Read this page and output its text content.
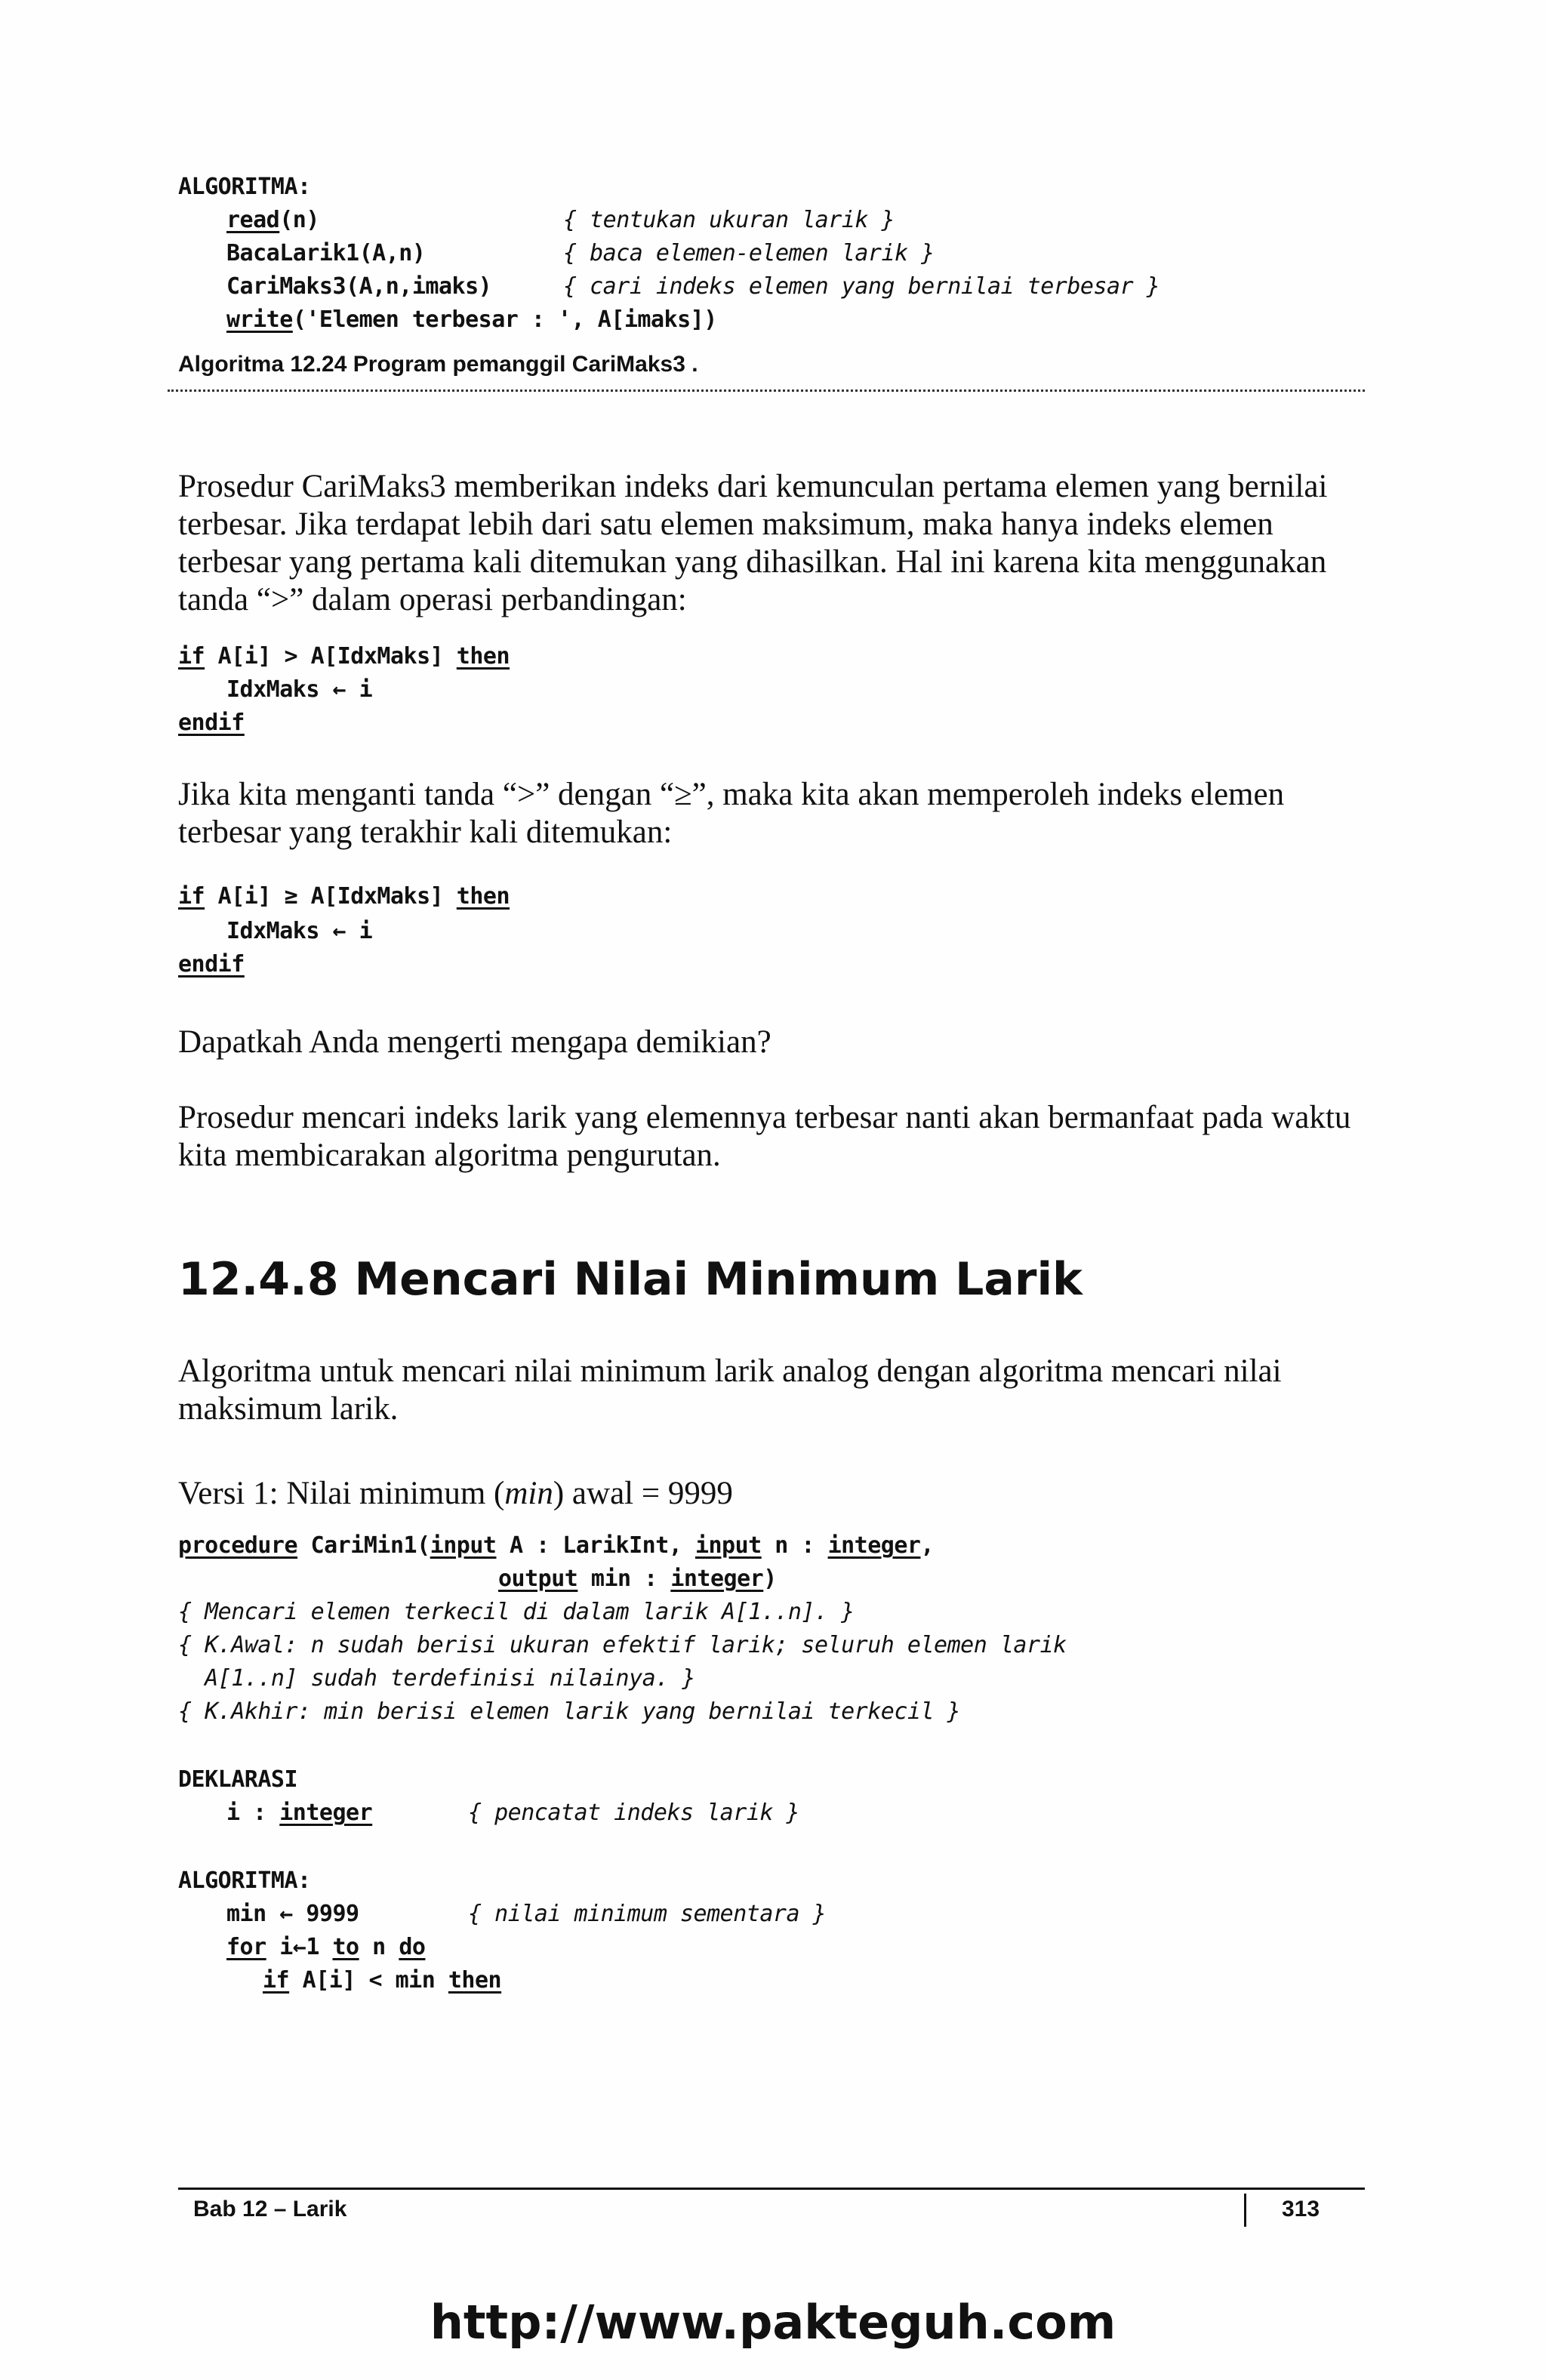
ALGORITMA:
read(n)	{ tentukan ukuran larik }
BacaLarik1(A,n)	{ baca elemen-elemen larik }
CariMaks3(A,n,imaks)	{ cari indeks elemen yang bernilai terbesar }
write('Elemen terbesar : ', A[imaks])
Algoritma 12.24 Program pemanggil CariMaks3 .
Prosedur CariMaks3 memberikan indeks dari kemunculan pertama elemen yang bernilai terbesar. Jika terdapat lebih dari satu elemen maksimum, maka hanya indeks elemen terbesar yang pertama kali ditemukan yang dihasilkan. Hal ini karena kita menggunakan tanda “>” dalam operasi perbandingan:
if A[i] > A[IdxMaks] then
IdxMaks ← i
endif
Jika kita menganti tanda “>” dengan “≥”, maka kita akan memperoleh indeks elemen terbesar yang terakhir kali ditemukan:
if A[i] ≥ A[IdxMaks] then
IdxMaks ← i
endif
Dapatkah Anda mengerti mengapa demikian?
Prosedur mencari indeks larik yang elemennya terbesar nanti akan bermanfaat pada waktu kita membicarakan algoritma pengurutan.
12.4.8 Mencari Nilai Minimum Larik
Algoritma untuk mencari nilai minimum larik analog dengan algoritma mencari nilai maksimum larik.
Versi 1: Nilai minimum (min) awal = 9999
procedure CariMin1(input A : LarikInt, input n : integer,
output min : integer)
{ Mencari elemen terkecil di dalam larik A[1..n]. }
{ K.Awal: n sudah berisi ukuran efektif larik; seluruh elemen larik
A[1..n] sudah terdefinisi nilainya. }
{ K.Akhir: min berisi elemen larik yang bernilai terkecil }
DEKLARASI
i : integer	{ pencatat indeks larik }
ALGORITMA:
min ← 9999	{ nilai minimum sementara }
for i←1 to n do
if A[i] < min then
Bab 12 – Larik	313
http://www.pakteguh.com
